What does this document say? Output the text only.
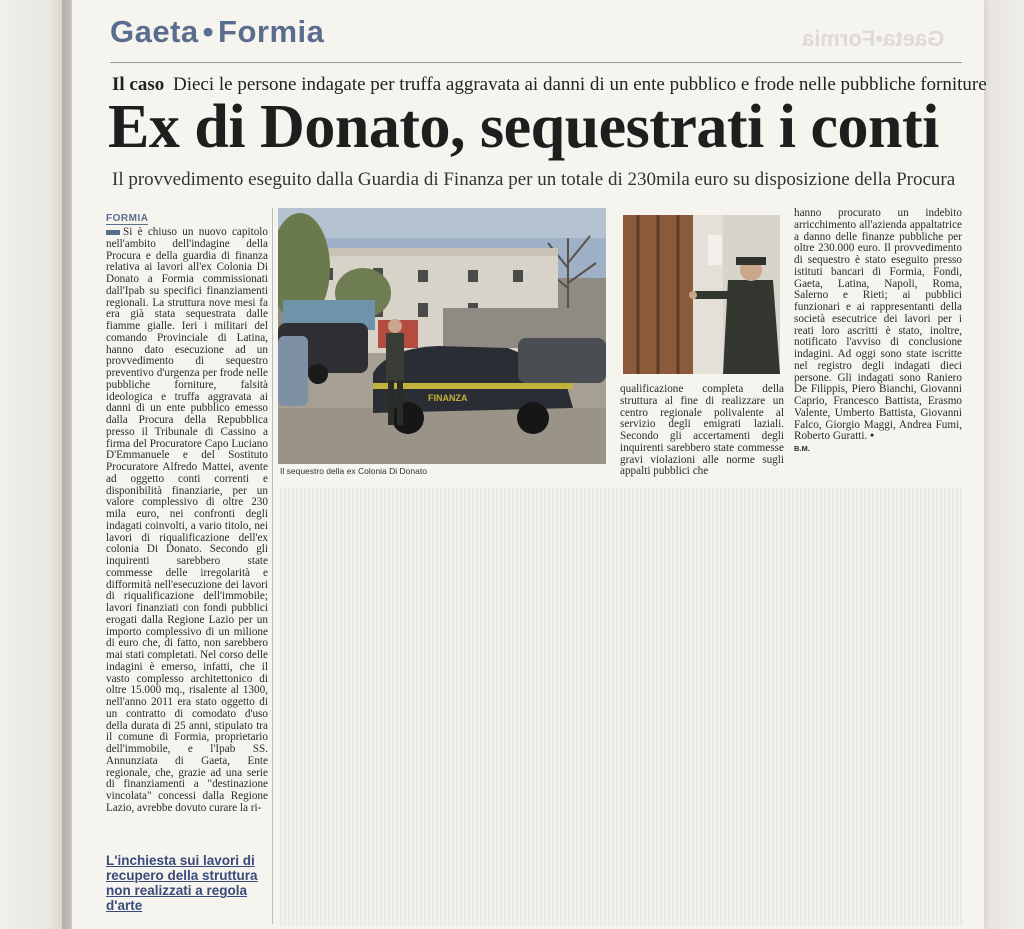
Gaeta • Formia	Gaeta•Formia
Il caso Dieci le persone indagate per truffa aggravata ai danni di un ente pubblico e frode nelle pubbliche forniture
Ex di Donato, sequestrati i conti
Il provvedimento eseguito dalla Guardia di Finanza per un totale di 230mila euro su disposizione della Procura
FORMIA
Si è chiuso un nuovo capitolo nell'ambito dell'indagine della Procura e della guardia di finanza relativa ai lavori all'ex Colonia Di Donato a Formia commissionati dall'Ipab su specifici finanziamenti regionali. La struttura nove mesi fa era già stata sequestrata dalle fiamme gialle. Ieri i militari del comando Provinciale di Latina, hanno dato esecuzione ad un provvedimento di sequestro preventivo d'urgenza per frode nelle pubbliche forniture, falsità ideologica e truffa aggravata ai danni di un ente pubblico emesso dalla Procura della Repubblica presso il Tribunale di Cassino a firma del Procuratore Capo Luciano D'Emmanuele e del Sostituto Procuratore Alfredo Mattei, avente ad oggetto conti correnti e disponibilità finanziarie, per un valore complessivo di oltre 230 mila euro, nei confronti degli indagati coinvolti, a vario titolo, nei lavori di riqualificazione dell'ex colonia Di Donato. Secondo gli inquirenti sarebbero state commesse delle irregolarità e difformità nell'esecuzione dei lavori di riqualificazione dell'immobile; lavori finanziati con fondi pubblici erogati dalla Regione Lazio per un importo complessivo di un milione di euro che, di fatto, non sarebbero mai stati completati. Nel corso delle indagini è emerso, infatti, che il vasto complesso architettonico di oltre 15.000 mq., risalente al 1300, nell'anno 2011 era stato oggetto di un contratto di comodato d'uso della durata di 25 anni, stipulato tra il comune di Formia, proprietario dell'immobile, e l'Ipab SS. Annunziata di Gaeta, Ente regionale, che, grazie ad una serie di finanziamenti a "destinazione vincolata" concessi dalla Regione Lazio, avrebbe dovuto curare la ri-
L'inchiesta sui lavori di recupero della struttura non realizzati a regola d'arte
FINANZA
Il sequestro della ex Colonia Di Donato
qualificazione completa della struttura al fine di realizzare un centro regionale polivalente al servizio degli emigrati laziali. Secondo gli accertamenti degli inquirenti sarebbero state commesse gravi violazioni alle norme sugli appalti pubblici che
hanno procurato un indebito arricchimento all'azienda appaltatrice a danno delle finanze pubbliche per oltre 230.000 euro. Il provvedimento di sequestro è stato eseguito presso istituti bancari di Formia, Fondi, Gaeta, Latina, Napoli, Roma, Salerno e Rieti; ai pubblici funzionari e ai rappresentanti della società esecutrice dei lavori per i reati loro ascritti è stato, inoltre, notificato l'avviso di conclusione indagini. Ad oggi sono state iscritte nel registro degli indagati dieci persone. Gli indagati sono Raniero De Filippis, Piero Bianchi, Giovanni Caprio, Francesco Battista, Erasmo Valente, Umberto Battista, Giovanni Falco, Giorgio Maggi, Andrea Fumi, Roberto Guratti. •
B.M.
